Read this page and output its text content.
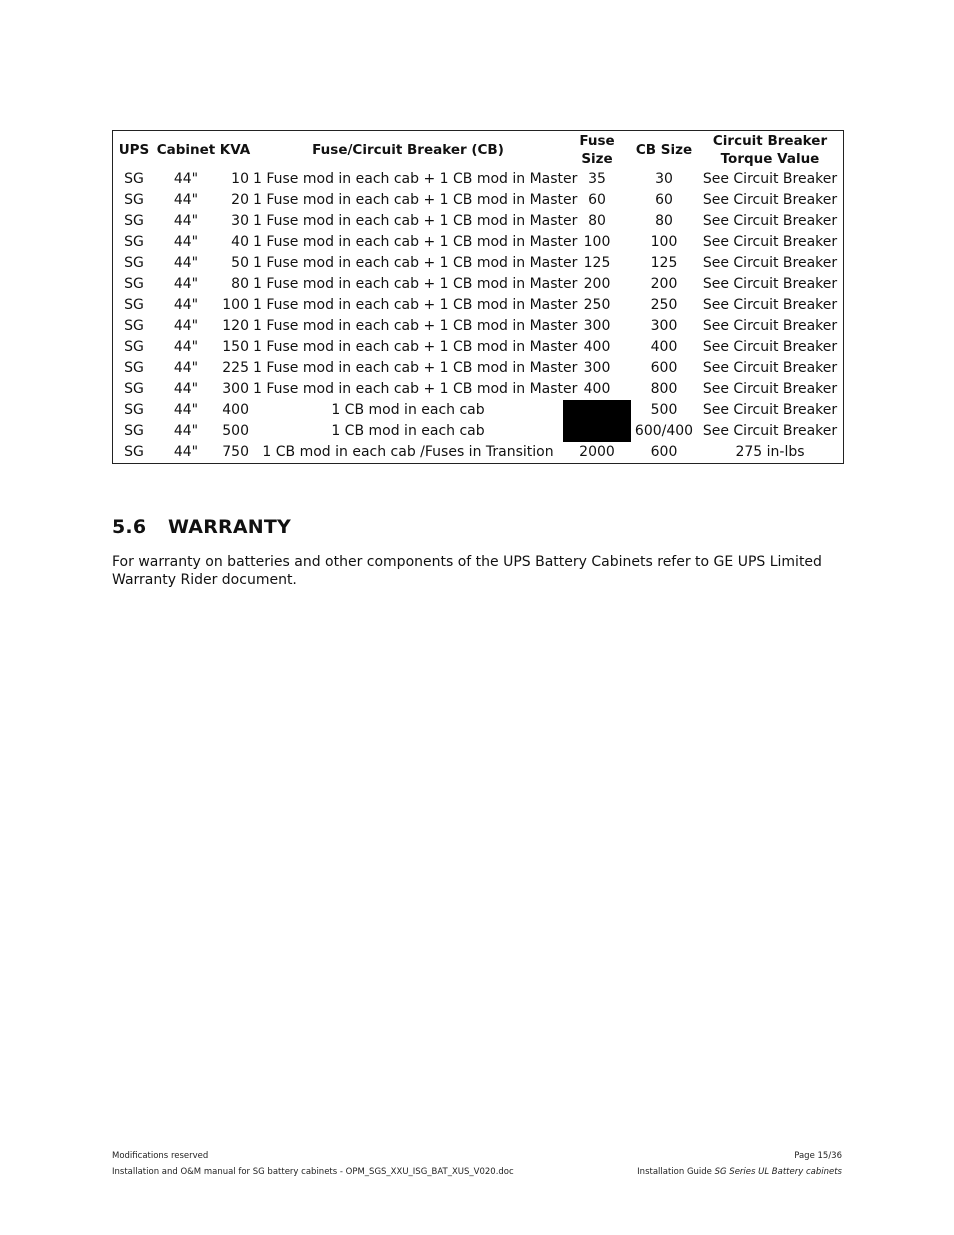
UPS	Cabinet	KVA	Fuse/Circuit Breaker (CB)	Fuse Size	CB Size	Circuit Breaker
Torque Value

SG	44"	10	1 Fuse mod in each cab + 1 CB mod in Master	35	30	See Circuit Breaker
SG	44"	20	1 Fuse mod in each cab + 1 CB mod in Master	60	60	See Circuit Breaker
SG	44"	30	1 Fuse mod in each cab + 1 CB mod in Master	80	80	See Circuit Breaker
SG	44"	40	1 Fuse mod in each cab + 1 CB mod in Master	100	100	See Circuit Breaker
SG	44"	50	1 Fuse mod in each cab + 1 CB mod in Master	125	125	See Circuit Breaker
SG	44"	80	1 Fuse mod in each cab + 1 CB mod in Master	200	200	See Circuit Breaker
SG	44"	100	1 Fuse mod in each cab + 1 CB mod in Master	250	250	See Circuit Breaker
SG	44"	120	1 Fuse mod in each cab + 1 CB mod in Master	300	300	See Circuit Breaker
SG	44"	150	1 Fuse mod in each cab + 1 CB mod in Master	400	400	See Circuit Breaker
SG	44"	225	1 Fuse mod in each cab + 1 CB mod in Master	300	600	See Circuit Breaker
SG	44"	300	1 Fuse mod in each cab + 1 CB mod in Master	400	800	See Circuit Breaker
SG	44"	400	1 CB mod in each cab		500	See Circuit Breaker
SG	44"	500	1 CB mod in each cab		600/400	See Circuit Breaker
SG	44"	750	1 CB mod in each cab /Fuses in Transition	2000	600	275 in-lbs
5.6 WARRANTY

For warranty on batteries and other components of the UPS Battery Cabinets refer to GE UPS Limited Warranty Rider document.

Modifications reserved	Page 15/36
Installation and O&M manual for SG battery cabinets - OPM_SGS_XXU_ISG_BAT_XUS_V020.doc	Installation Guide SG Series UL Battery cabinets
